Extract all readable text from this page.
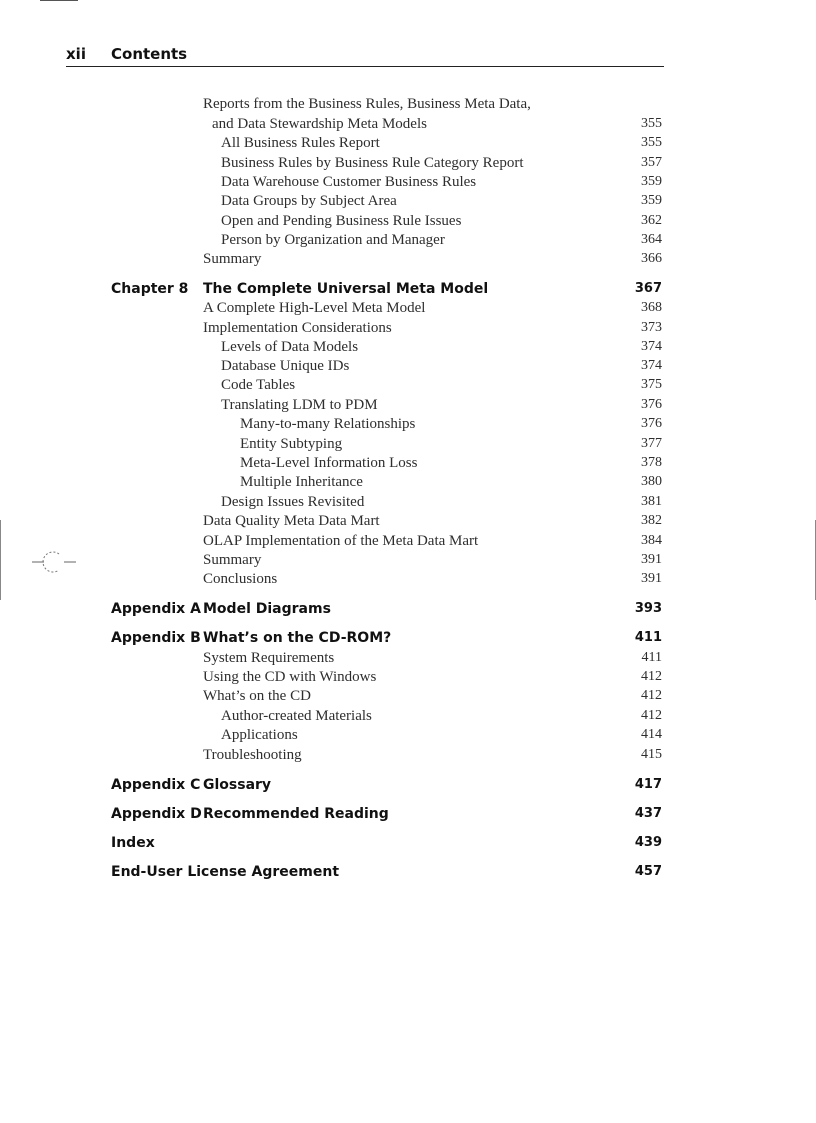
xii Contents
Reports from the Business Rules, Business Meta Data,
and Data Stewardship Meta Models	355
All Business Rules Report	355
Business Rules by Business Rule Category Report	357
Data Warehouse Customer Business Rules	359
Data Groups by Subject Area	359
Open and Pending Business Rule Issues	362
Person by Organization and Manager	364
Summary	366
Chapter 8 The Complete Universal Meta Model	367
A Complete High-Level Meta Model	368
Implementation Considerations	373
Levels of Data Models	374
Database Unique IDs	374
Code Tables	375
Translating LDM to PDM	376
Many-to-many Relationships	376
Entity Subtyping	377
Meta-Level Information Loss	378
Multiple Inheritance	380
Design Issues Revisited	381
Data Quality Meta Data Mart	382
OLAP Implementation of the Meta Data Mart	384
Summary	391
Conclusions	391
Appendix A Model Diagrams	393
Appendix B What’s on the CD-ROM?	411
System Requirements	411
Using the CD with Windows	412
What’s on the CD	412
Author-created Materials	412
Applications	414
Troubleshooting	415
Appendix C Glossary	417
Appendix D Recommended Reading	437
Index	439
End-User License Agreement	457
